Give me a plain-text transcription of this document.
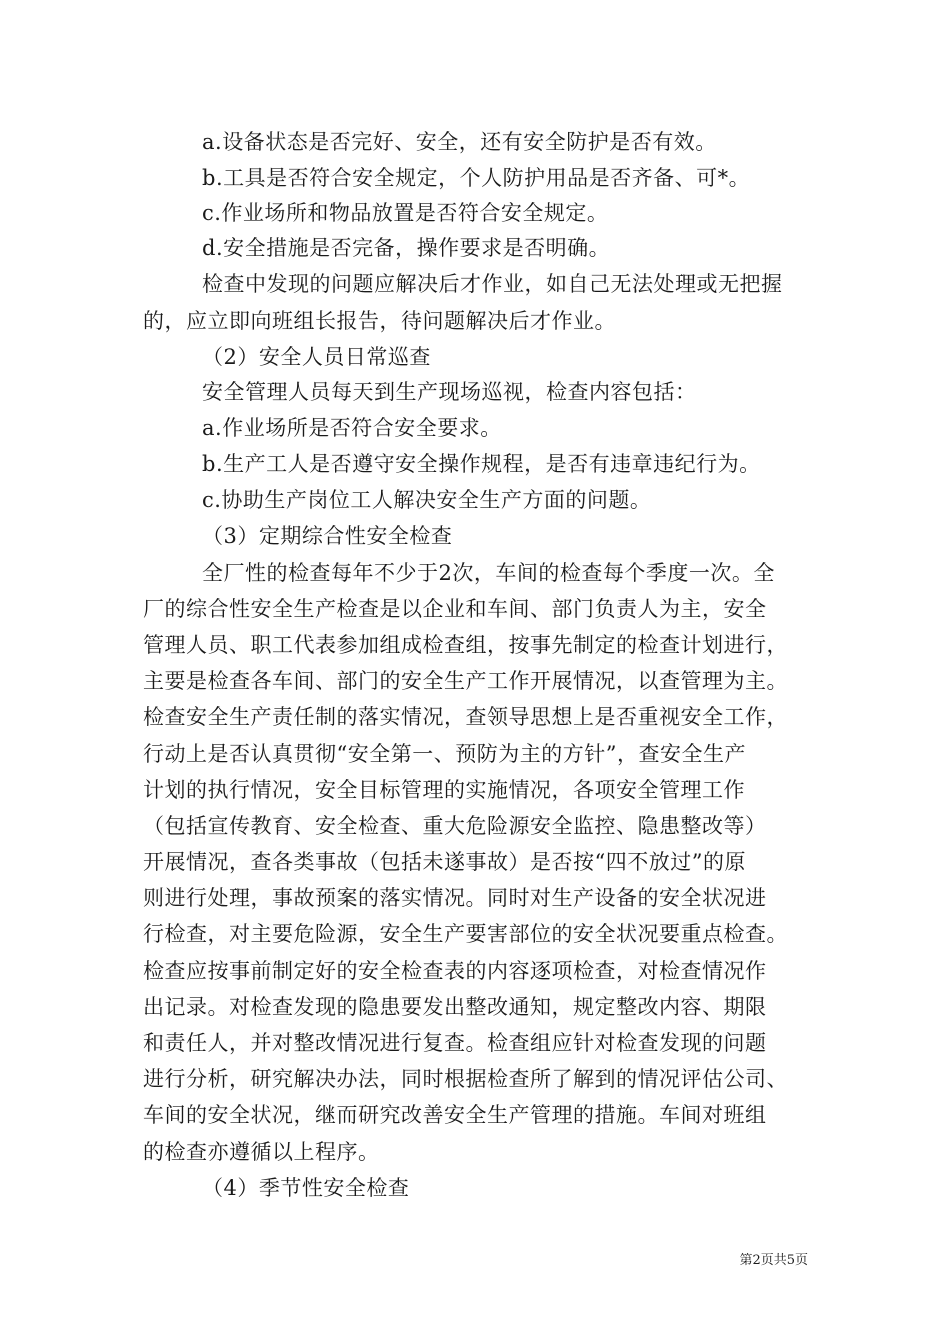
a.设备状态是否完好、安全，还有安全防护是否有效。
b.工具是否符合安全规定，个人防护用品是否齐备、可*。
c.作业场所和物品放置是否符合安全规定。
d.安全措施是否完备，操作要求是否明确。
检查中发现的问题应解决后才作业，如自己无法处理或无把握
的，应立即向班组长报告，待问题解决后才作业。
（2）安全人员日常巡查
安全管理人员每天到生产现场巡视，检查内容包括：
a.作业场所是否符合安全要求。
b.生产工人是否遵守安全操作规程，是否有违章违纪行为。
c.协助生产岗位工人解决安全生产方面的问题。
（3）定期综合性安全检查
全厂性的检查每年不少于2次，车间的检查每个季度一次。全
厂的综合性安全生产检查是以企业和车间、部门负责人为主，安全
管理人员、职工代表参加组成检查组，按事先制定的检查计划进行，
主要是检查各车间、部门的安全生产工作开展情况，以查管理为主。
检查安全生产责任制的落实情况，查领导思想上是否重视安全工作，
行动上是否认真贯彻“安全第一、预防为主的方针”，查安全生产
计划的执行情况，安全目标管理的实施情况，各项安全管理工作
（包括宣传教育、安全检查、重大危险源安全监控、隐患整改等）
开展情况，查各类事故（包括未遂事故）是否按“四不放过”的原
则进行处理，事故预案的落实情况。同时对生产设备的安全状况进
行检查，对主要危险源，安全生产要害部位的安全状况要重点检查。
检查应按事前制定好的安全检查表的内容逐项检查，对检查情况作
出记录。对检查发现的隐患要发出整改通知，规定整改内容、期限
和责任人，并对整改情况进行复查。检查组应针对检查发现的问题
进行分析，研究解决办法，同时根据检查所了解到的情况评估公司、
车间的安全状况，继而研究改善安全生产管理的措施。车间对班组
的检查亦遵循以上程序。
（4）季节性安全检查
第2页共5页
